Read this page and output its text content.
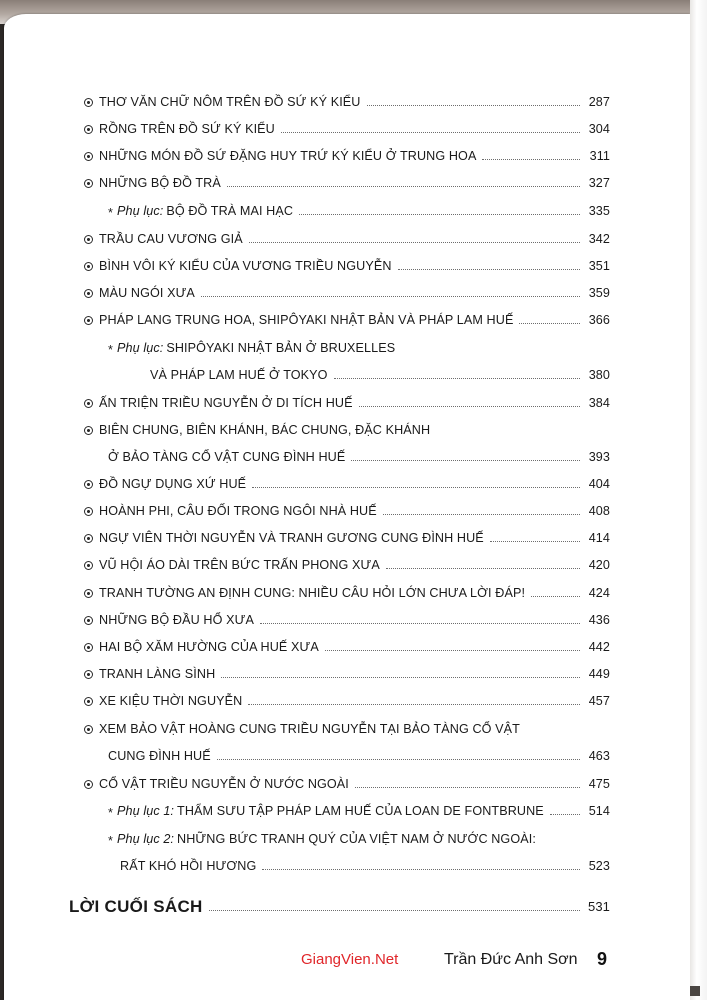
THƠ VĂN CHỮ NÔM TRÊN ĐỒ SỨ KÝ KIỂU	287
RỒNG TRÊN ĐỒ SỨ KÝ KIỂU	304
NHỮNG MÓN ĐỒ SỨ ĐẶNG HUY TRỨ KÝ KIỂU Ở TRUNG HOA	311
NHỮNG BỘ ĐỒ TRÀ	327
* Phụ lục: BỘ ĐỒ TRÀ MAI HẠC	335
TRẦU CAU VƯƠNG GIẢ	342
BÌNH VÔI KÝ KIỂU CỦA VƯƠNG TRIỀU NGUYỄN	351
MÀU NGÓI XƯA	359
PHÁP LANG TRUNG HOA, SHIPÔYAKI NHẬT BẢN VÀ PHÁP LAM HUẾ	366
* Phụ lục: SHIPÔYAKI NHẬT BẢN Ở BRUXELLES
VÀ PHÁP LAM HUẾ Ở TOKYO	380
ẤN TRIỆN TRIỀU NGUYỄN Ở DI TÍCH HUẾ	384
BIÊN CHUNG, BIÊN KHÁNH, BÁC CHUNG, ĐẶC KHÁNH
Ở BẢO TÀNG CỔ VẬT CUNG ĐÌNH HUẾ	393
ĐỒ NGỰ DỤNG XỨ HUẾ	404
HOÀNH PHI, CÂU ĐỐI TRONG NGÔI NHÀ HUẾ	408
NGỰ VIÊN THỜI NGUYỄN VÀ TRANH GƯƠNG CUNG ĐÌNH HUẾ	414
VŨ HỘI ÁO DÀI TRÊN BỨC TRẤN PHONG XƯA	420
TRANH TƯỜNG AN ĐỊNH CUNG: NHIỀU CÂU HỎI LỚN CHƯA LỜI ĐÁP!	424
NHỮNG BỘ ĐẦU HỔ XƯA	436
HAI BỘ XĂM HƯỜNG CỦA HUẾ XƯA	442
TRANH LÀNG SÌNH	449
XE KIỆU THỜI NGUYỄN	457
XEM BẢO VẬT HOÀNG CUNG TRIỀU NGUYỄN TẠI BẢO TÀNG CỔ VẬT
CUNG ĐÌNH HUẾ	463
CỔ VẬT TRIỀU NGUYỄN Ở NƯỚC NGOÀI	475
* Phụ lục 1: THẨM SƯU TẬP PHÁP LAM HUẾ CỦA LOAN DE FONTBRUNE	514
* Phụ lục 2: NHỮNG BỨC TRANH QUÝ CỦA VIỆT NAM Ở NƯỚC NGOÀI:
RẤT KHÓ HỒI HƯƠNG	523
LỜI CUỐI SÁCH	531
GiangVien.Net	Trần Đức Anh Sơn 9
